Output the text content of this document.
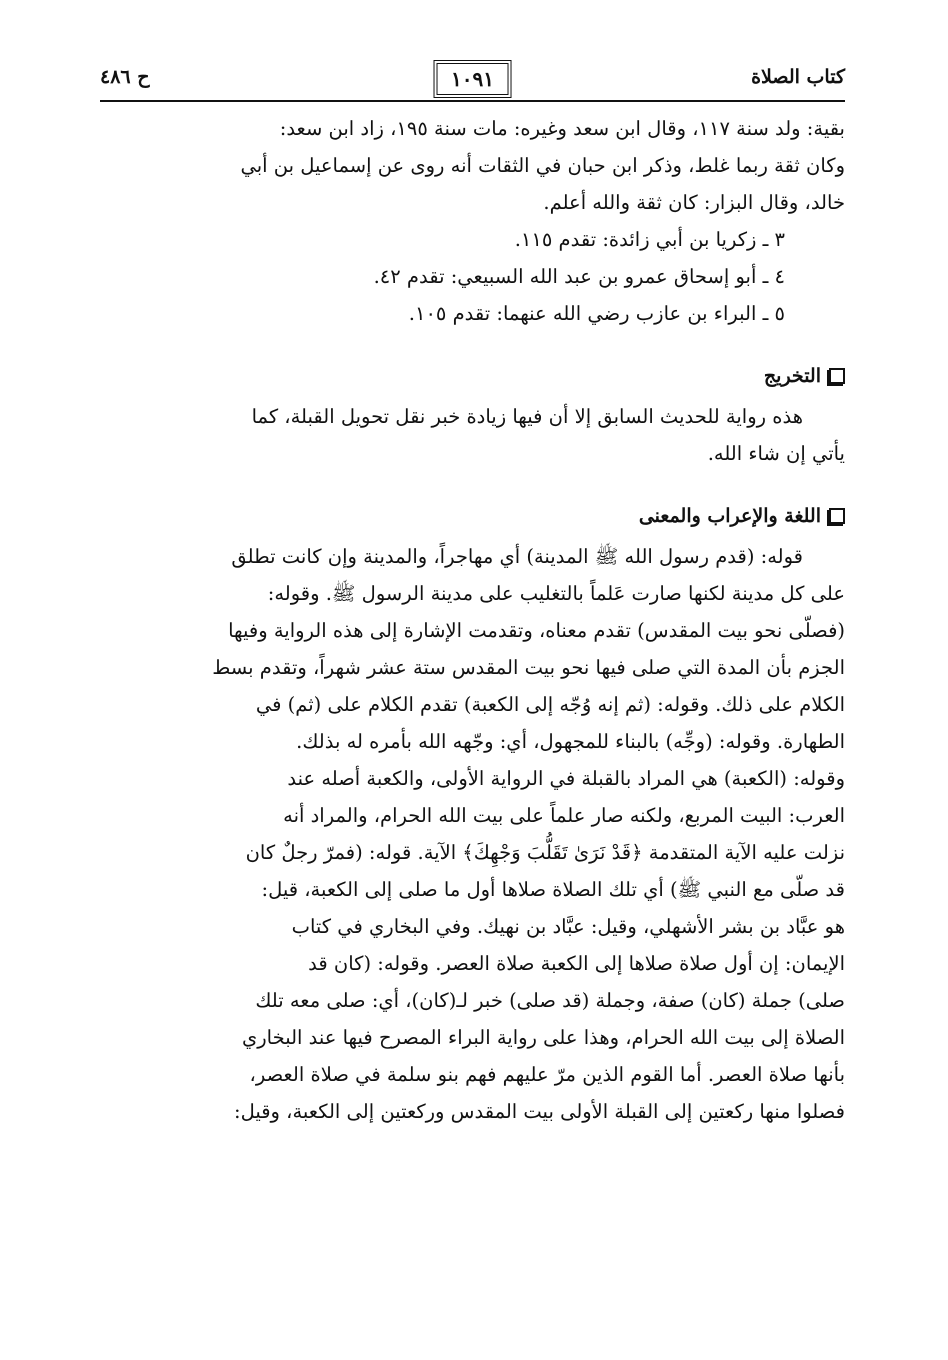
كتاب الصلاة
١٠٩١
ح ٤٨٦

بقية: ولد سنة ١١٧، وقال ابن سعد وغيره: مات سنة ١٩٥، زاد ابن سعد:

وكان ثقة ربما غلط، وذكر ابن حبان في الثقات أنه روى عن إسماعيل بن أبي

خالد، وقال البزار: كان ثقة والله أعلم.

٣ ـ زكريا بن أبي زائدة: تقدم ١١٥.

٤ ـ أبو إسحاق عمرو بن عبد الله السبيعي: تقدم ٤٢.

٥ ـ البراء بن عازب رضي الله عنهما: تقدم ١٠٥.

التخريج

هذه رواية للحديث السابق إلا أن فيها زيادة خبر نقل تحويل القبلة، كما

يأتي إن شاء الله.

اللغة والإعراب والمعنى

قوله: (قدم رسول الله ﷺ المدينة) أي مهاجراً، والمدينة وإن كانت تطلق

على كل مدينة لكنها صارت عَلماً بالتغليب على مدينة الرسول ﷺ. وقوله:

(فصلّى نحو بيت المقدس) تقدم معناه، وتقدمت الإشارة إلى هذه الرواية وفيها

الجزم بأن المدة التي صلى فيها نحو بيت المقدس ستة عشر شهراً، وتقدم بسط

الكلام على ذلك. وقوله: (ثم إنه وُجّه إلى الكعبة) تقدم الكلام على (ثم) في

الطهارة. وقوله: (وجِّه) بالبناء للمجهول، أي: وجّهه الله بأمره له بذلك.

وقوله: (الكعبة) هي المراد بالقبلة في الرواية الأولى، والكعبة أصله عند

العرب: البيت المربع، ولكنه صار علماً على بيت الله الحرام، والمراد أنه

نزلت عليه الآية المتقدمة ﴿قَدْ نَرَىٰ تَقَلُّبَ وَجْهِكَ﴾ الآية. قوله: (فمرّ رجلٌ كان

قد صلّى مع النبي ﷺ) أي تلك الصلاة صلاها أول ما صلى إلى الكعبة، قيل:

هو عبَّاد بن بشر الأشهلي، وقيل: عبَّاد بن نهيك. وفي البخاري في كتاب

الإيمان: إن أول صلاة صلاها إلى الكعبة صلاة العصر. وقوله: (كان قد

صلى) جملة (كان) صفة، وجملة (قد صلى) خبر لـ(كان)، أي: صلى معه تلك

الصلاة إلى بيت الله الحرام، وهذا على رواية البراء المصرح فيها عند البخاري

بأنها صلاة العصر. أما القوم الذين مرّ عليهم فهم بنو سلمة في صلاة العصر،

فصلوا منها ركعتين إلى القبلة الأولى بيت المقدس وركعتين إلى الكعبة، وقيل:
